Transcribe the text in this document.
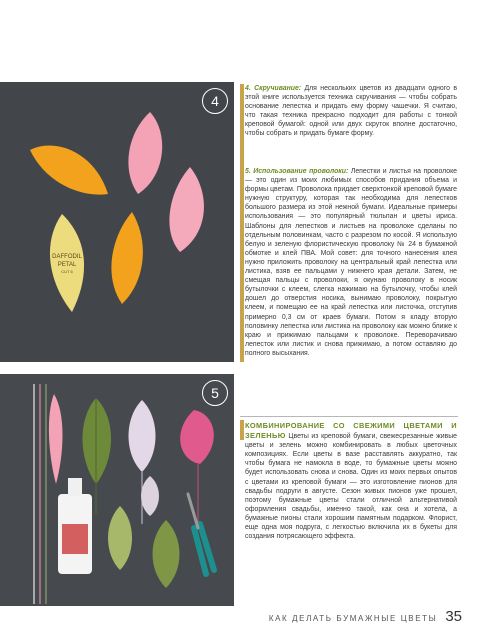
DAFFODIL
PETAL
CUT 6
4
5
4. Скручивание: Для нескольких цветов из двадцати одного в этой книге используется техника скручивания — чтобы собрать основание лепестка и придать ему форму чашечки. Я считаю, что такая техника прекрасно подходит для работы с тонкой креповой бумагой: одной или двух скруток вполне достаточно, чтобы собрать и придать бумаге форму.
5. Использование проволоки: Лепестки и листья на проволоке — это один из моих любимых способов придания объема и формы цветам. Проволока придает сверхтонкой креповой бумаге нужную структуру, которая так необходима для лепестков большого размера из этой нежной бумаги. Идеальные примеры использования — это популярный тюльпан и цветы ириса. Шаблоны для лепестков и листьев на проволоке сделаны по отдельным половинкам, часто с разрезом по косой. Я использую белую и зеленую флористическую проволоку № 24 в бумажной обмотке и клей ПВА. Мой совет: для точного нанесения клея нужно приложить проволоку на центральный край лепестка или листика, взяв ее пальцами у нижнего края детали. Затем, не смещая пальцы с проволоки, я окунаю проволоку в носик бутылочки с клеем, слегка нажимаю на бутылочку, чтобы клей дошел до отверстия носика, вынимаю проволоку, покрытую клеем, и помещаю ее на край лепестка или листочка, отступив примерно 0,3 см от краев бумаги. Потом я кладу вторую половинку лепестка или листика на проволоку как можно ближе к краю и прижимаю пальцами к проволоке. Переворачиваю лепесток или листик и снова прижимаю, а потом оставляю до полного высыхания.
КОМБИНИРОВАНИЕ СО СВЕЖИМИ ЦВЕТАМИ И ЗЕЛЕНЬЮ Цветы из креповой бумаги, свежесрезанные живые цветы и зелень можно комбинировать в любых цветочных композициях. Если цветы в вазе расставлять аккуратно, так чтобы бумага не намокла в воде, то бумажные цветы можно будет использовать снова и снова. Один из моих первых опытов с цветами из креповой бумаги — это изготовление пионов для свадьбы подруги в августе. Сезон живых пионов уже прошел, поэтому бумажные цветы стали отличной альтернативой оформления свадьбы, именно такой, как она и хотела, а бумажные пионы стали хорошим памятным подарком. Флорист, еще одна моя подруга, с легкостью включила их в букеты для создания потрясающего эффекта.
КАК ДЕЛАТЬ БУМАЖНЫЕ ЦВЕТЫ 35
